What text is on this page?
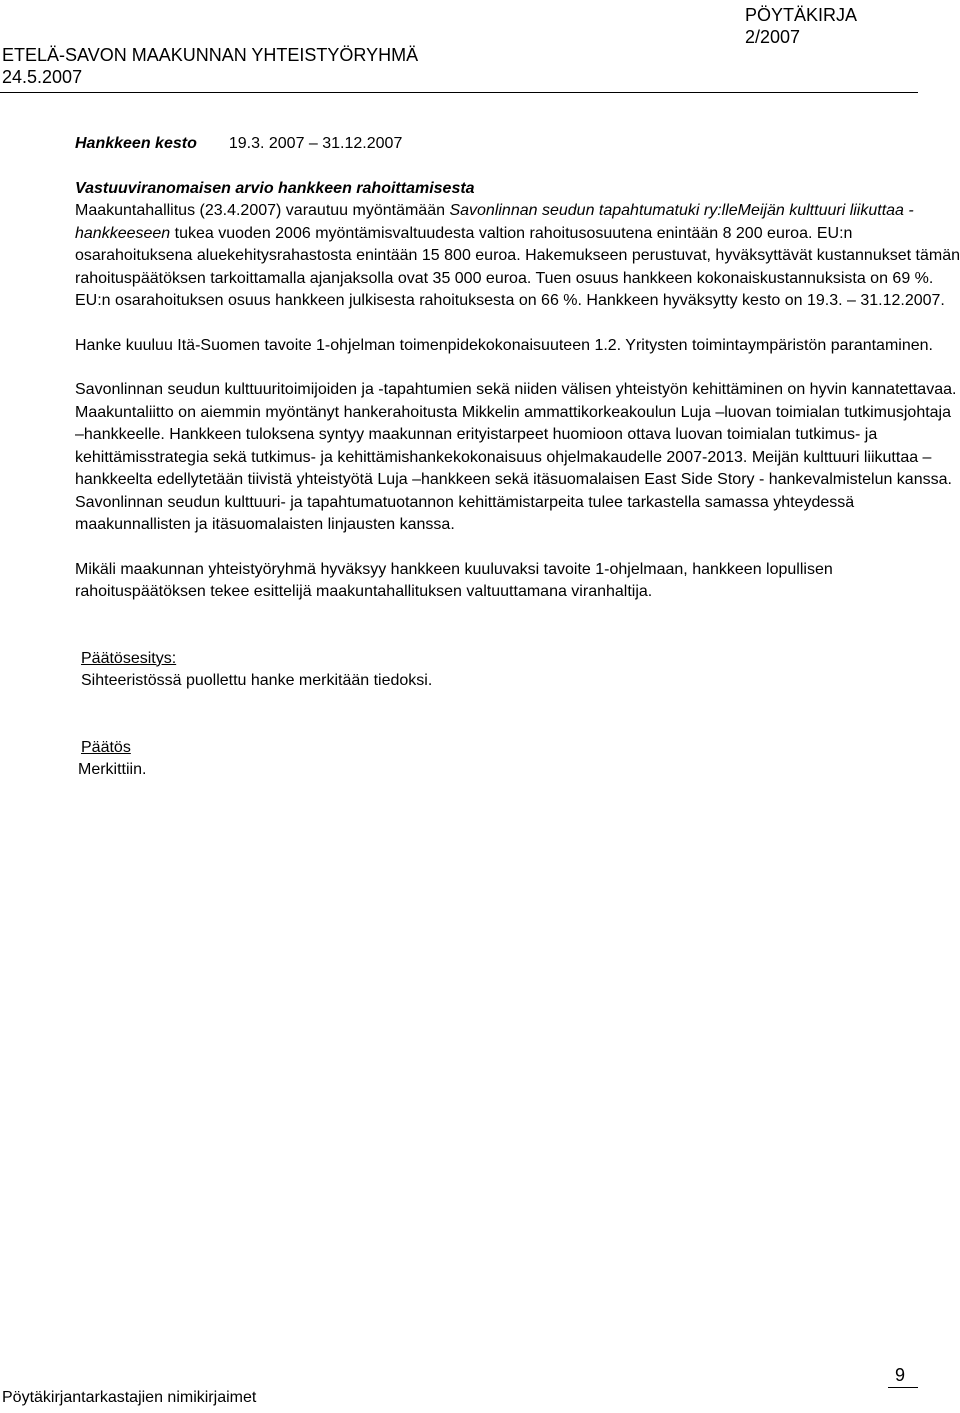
PÖYTÄKIRJA
2/2007
ETELÄ-SAVON MAAKUNNAN YHTEISTYÖRYHMÄ
24.5.2007

Hankkeen kesto 19.3. 2007 – 31.12.2007

Vastuuviranomaisen arvio hankkeen rahoittamisesta

Maakuntahallitus (23.4.2007) varautuu myöntämään Savonlinnan seudun tapahtumatuki ry:lleMeijän kulttuuri liikuttaa -hankkeeseen tukea vuoden 2006 myöntämisvaltuudesta valtion rahoitusosuutena enintään 8 200 euroa. EU:n osarahoituksena aluekehitysrahastosta enintään 15 800 euroa. Hakemukseen perustuvat, hyväksyttävät kustannukset tämän rahoituspäätöksen tarkoittamalla ajanjaksolla ovat 35 000 euroa. Tuen osuus hankkeen kokonaiskustannuksista on 69 %. EU:n osarahoituksen osuus hankkeen julkisesta rahoituksesta on 66 %. Hankkeen hyväksytty kesto on 19.3. – 31.12.2007.

Hanke kuuluu Itä-Suomen tavoite 1-ohjelman toimenpidekokonaisuuteen 1.2. Yritysten toimintaympäristön parantaminen.

Savonlinnan seudun kulttuuritoimijoiden ja -tapahtumien sekä niiden välisen yhteistyön kehittäminen on hyvin kannatettavaa. Maakuntaliitto on aiemmin myöntänyt hankerahoitusta Mikkelin ammattikorkeakoulun Luja –luovan toimialan tutkimusjohtaja –hankkeelle. Hankkeen tuloksena syntyy maakunnan erityistarpeet huomioon ottava luovan toimialan tutkimus- ja kehittämisstrategia sekä tutkimus- ja kehittämishankekokonaisuus ohjelmakaudelle 2007-2013. Meijän kulttuuri liikuttaa –hankkeelta edellytetään tiivistä yhteistyötä Luja –hankkeen sekä itäsuomalaisen East Side Story - hankevalmistelun kanssa. Savonlinnan seudun kulttuuri- ja tapahtumatuotannon kehittämistarpeita tulee tarkastella samassa yhteydessä maakunnallisten ja itäsuomalaisten linjausten kanssa.

Mikäli maakunnan yhteistyöryhmä hyväksyy hankkeen kuuluvaksi tavoite 1-ohjelmaan, hankkeen lopullisen rahoituspäätöksen tekee esittelijä maakuntahallituksen valtuuttamana viranhaltija.

Päätösesitys:

Sihteeristössä puollettu hanke merkitään tiedoksi.

Päätös

Merkittiin.

9
Pöytäkirjantarkastajien nimikirjaimet
